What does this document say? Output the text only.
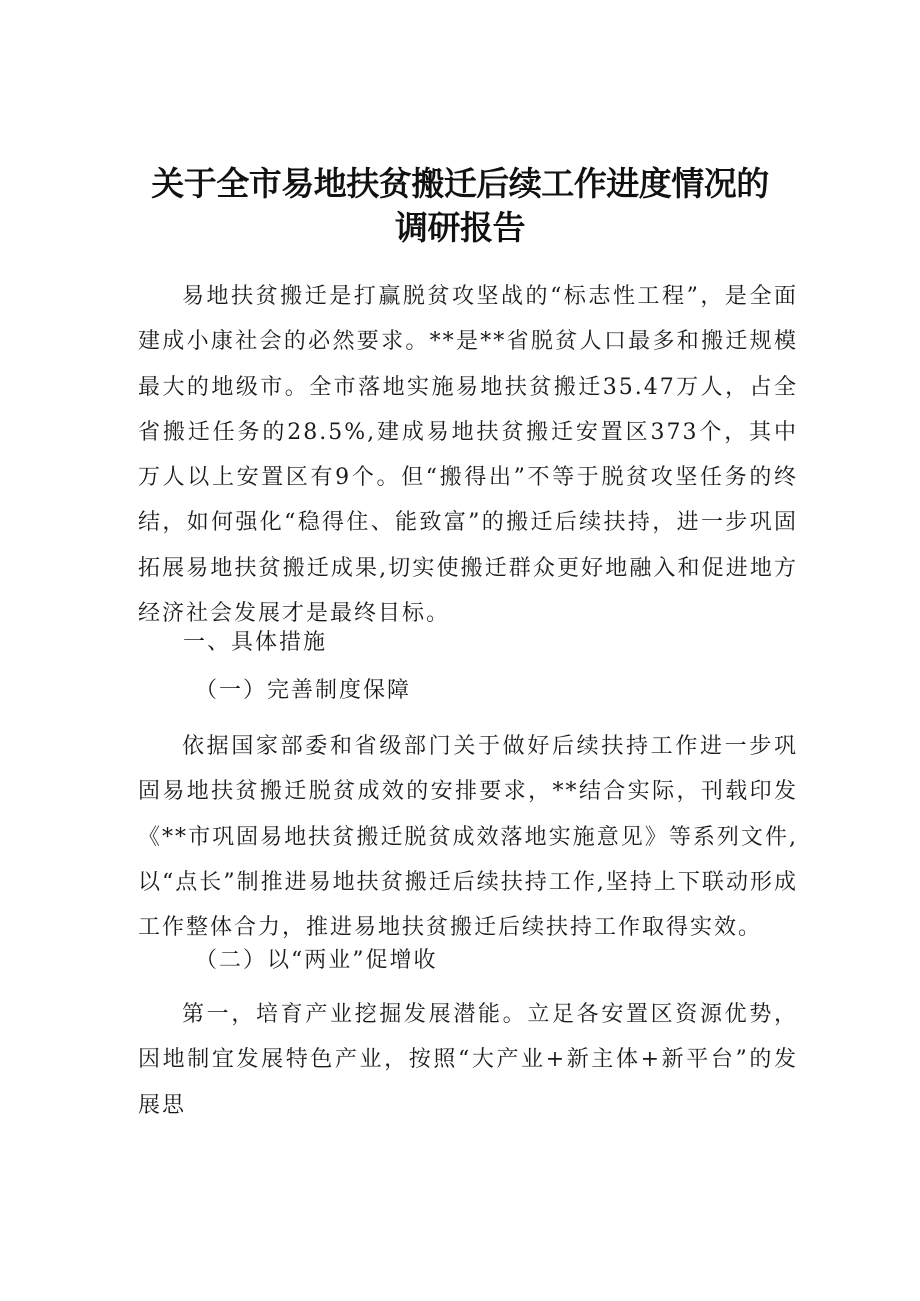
关于全市易地扶贫搬迁后续工作进度情况的调研报告

易地扶贫搬迁是打赢脱贫攻坚战的“标志性工程”，是全面建成小康社会的必然要求。**是**省脱贫人口最多和搬迁规模最大的地级市。全市落地实施易地扶贫搬迁35.47万人，占全省搬迁任务的28.5%,建成易地扶贫搬迁安置区373个，其中万人以上安置区有9个。但“搬得出”不等于脱贫攻坚任务的终结，如何强化“稳得住、能致富”的搬迁后续扶持，进一步巩固拓展易地扶贫搬迁成果,切实使搬迁群众更好地融入和促进地方经济社会发展才是最终目标。

一、具体措施
（一）完善制度保障

依据国家部委和省级部门关于做好后续扶持工作进一步巩固易地扶贫搬迁脱贫成效的安排要求，**结合实际，刊载印发《**市巩固易地扶贫搬迁脱贫成效落地实施意见》等系列文件,以“点长”制推进易地扶贫搬迁后续扶持工作,坚持上下联动形成工作整体合力，推进易地扶贫搬迁后续扶持工作取得实效。

（二）以“两业”促增收

第一，培育产业挖掘发展潜能。立足各安置区资源优势，因地制宜发展特色产业，按照“大产业+新主体+新平台”的发展思
